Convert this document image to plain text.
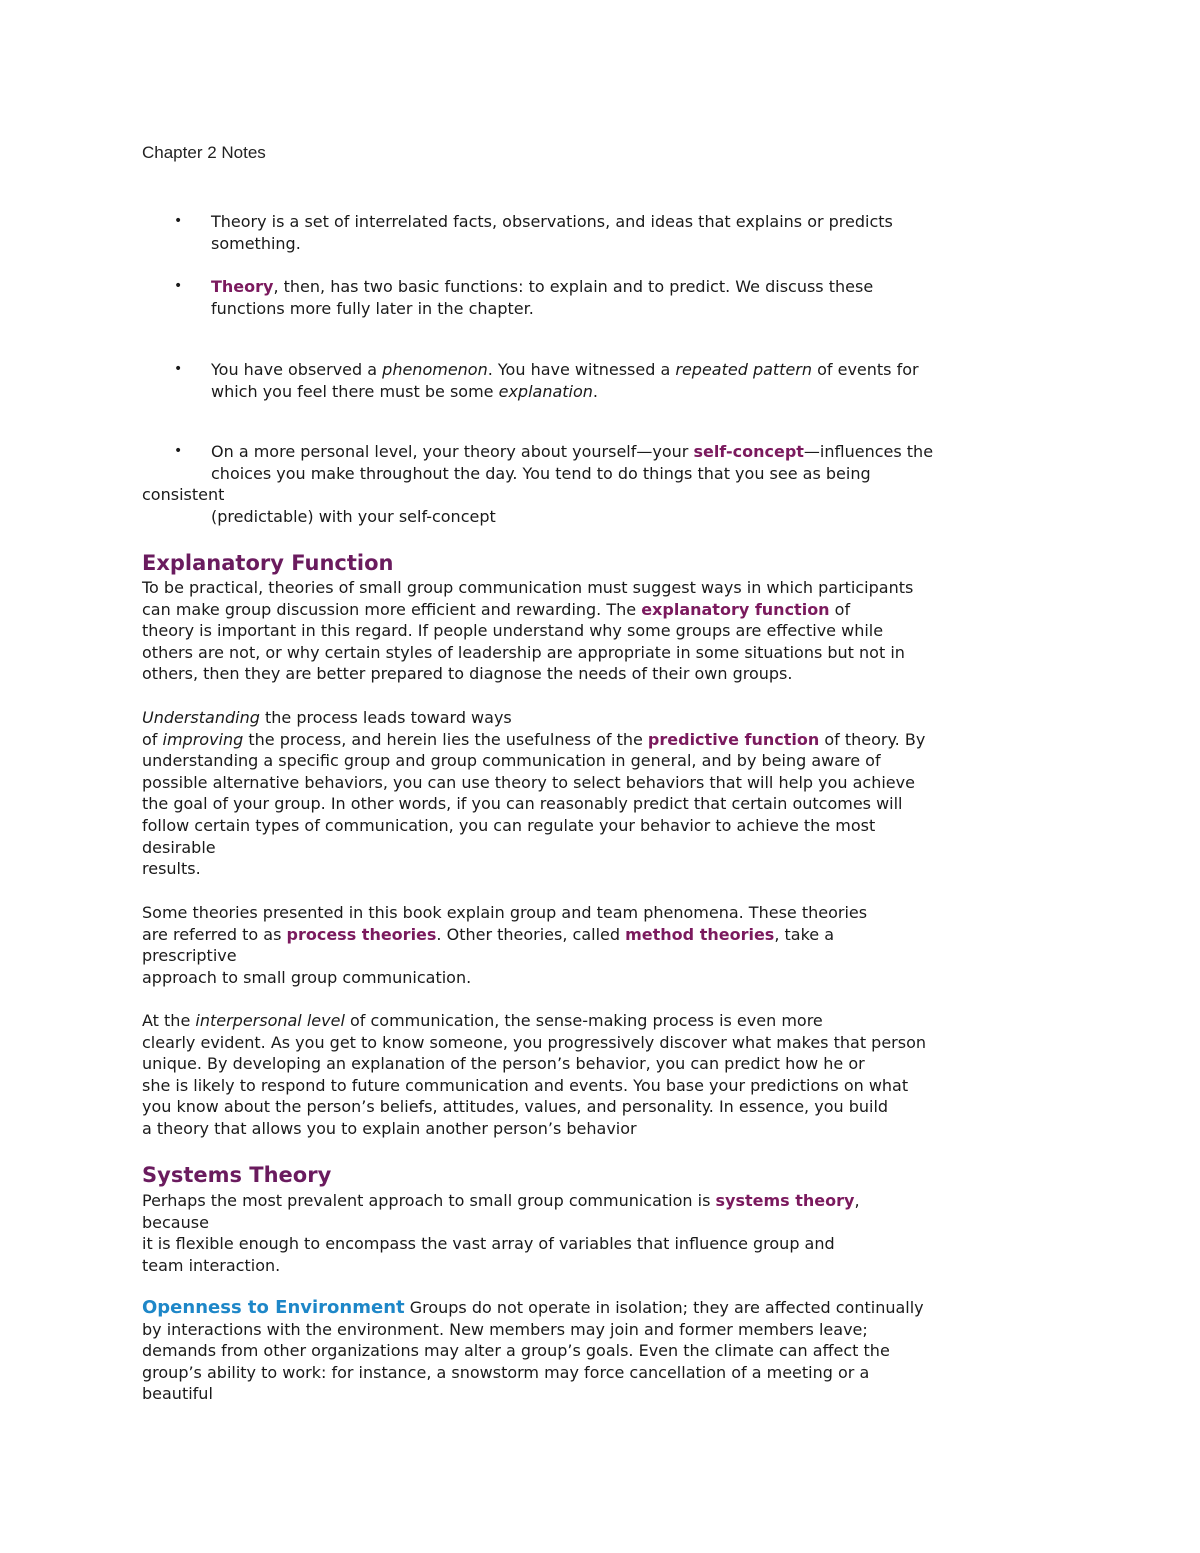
Chapter 2 Notes
•	Theory is a set of interrelated facts, observations, and ideas that explains or predicts
something.
•	Theory, then, has two basic functions: to explain and to predict. We discuss these
functions more fully later in the chapter.
•	You have observed a phenomenon. You have witnessed a repeated pattern of events for
which you feel there must be some explanation.
•	On a more personal level, your theory about yourself—your self-concept—influences the
choices you make throughout the day. You tend to do things that you see as being
consistent
(predictable) with your self-concept
Explanatory Function
To be practical, theories of small group communication must suggest ways in which participants
can make group discussion more efficient and rewarding. The explanatory function of
theory is important in this regard. If people understand why some groups are effective while
others are not, or why certain styles of leadership are appropriate in some situations but not in
others, then they are better prepared to diagnose the needs of their own groups.
Understanding the process leads toward ways
of improving the process, and herein lies the usefulness of the predictive function of theory. By
understanding a specific group and group communication in general, and by being aware of
possible alternative behaviors, you can use theory to select behaviors that will help you achieve
the goal of your group. In other words, if you can reasonably predict that certain outcomes will
follow certain types of communication, you can regulate your behavior to achieve the most
desirable
results.
Some theories presented in this book explain group and team phenomena. These theories
are referred to as process theories. Other theories, called method theories, take a
prescriptive
approach to small group communication.
At the interpersonal level of communication, the sense-making process is even more
clearly evident. As you get to know someone, you progressively discover what makes that person
unique. By developing an explanation of the person’s behavior, you can predict how he or
she is likely to respond to future communication and events. You base your predictions on what
you know about the person’s beliefs, attitudes, values, and personality. In essence, you build
a theory that allows you to explain another person’s behavior
Systems Theory
Perhaps the most prevalent approach to small group communication is systems theory,
because
it is flexible enough to encompass the vast array of variables that influence group and
team interaction.
Openness to Environment Groups do not operate in isolation; they are affected continually
by interactions with the environment. New members may join and former members leave;
demands from other organizations may alter a group’s goals. Even the climate can affect the
group’s ability to work: for instance, a snowstorm may force cancellation of a meeting or a
beautiful
